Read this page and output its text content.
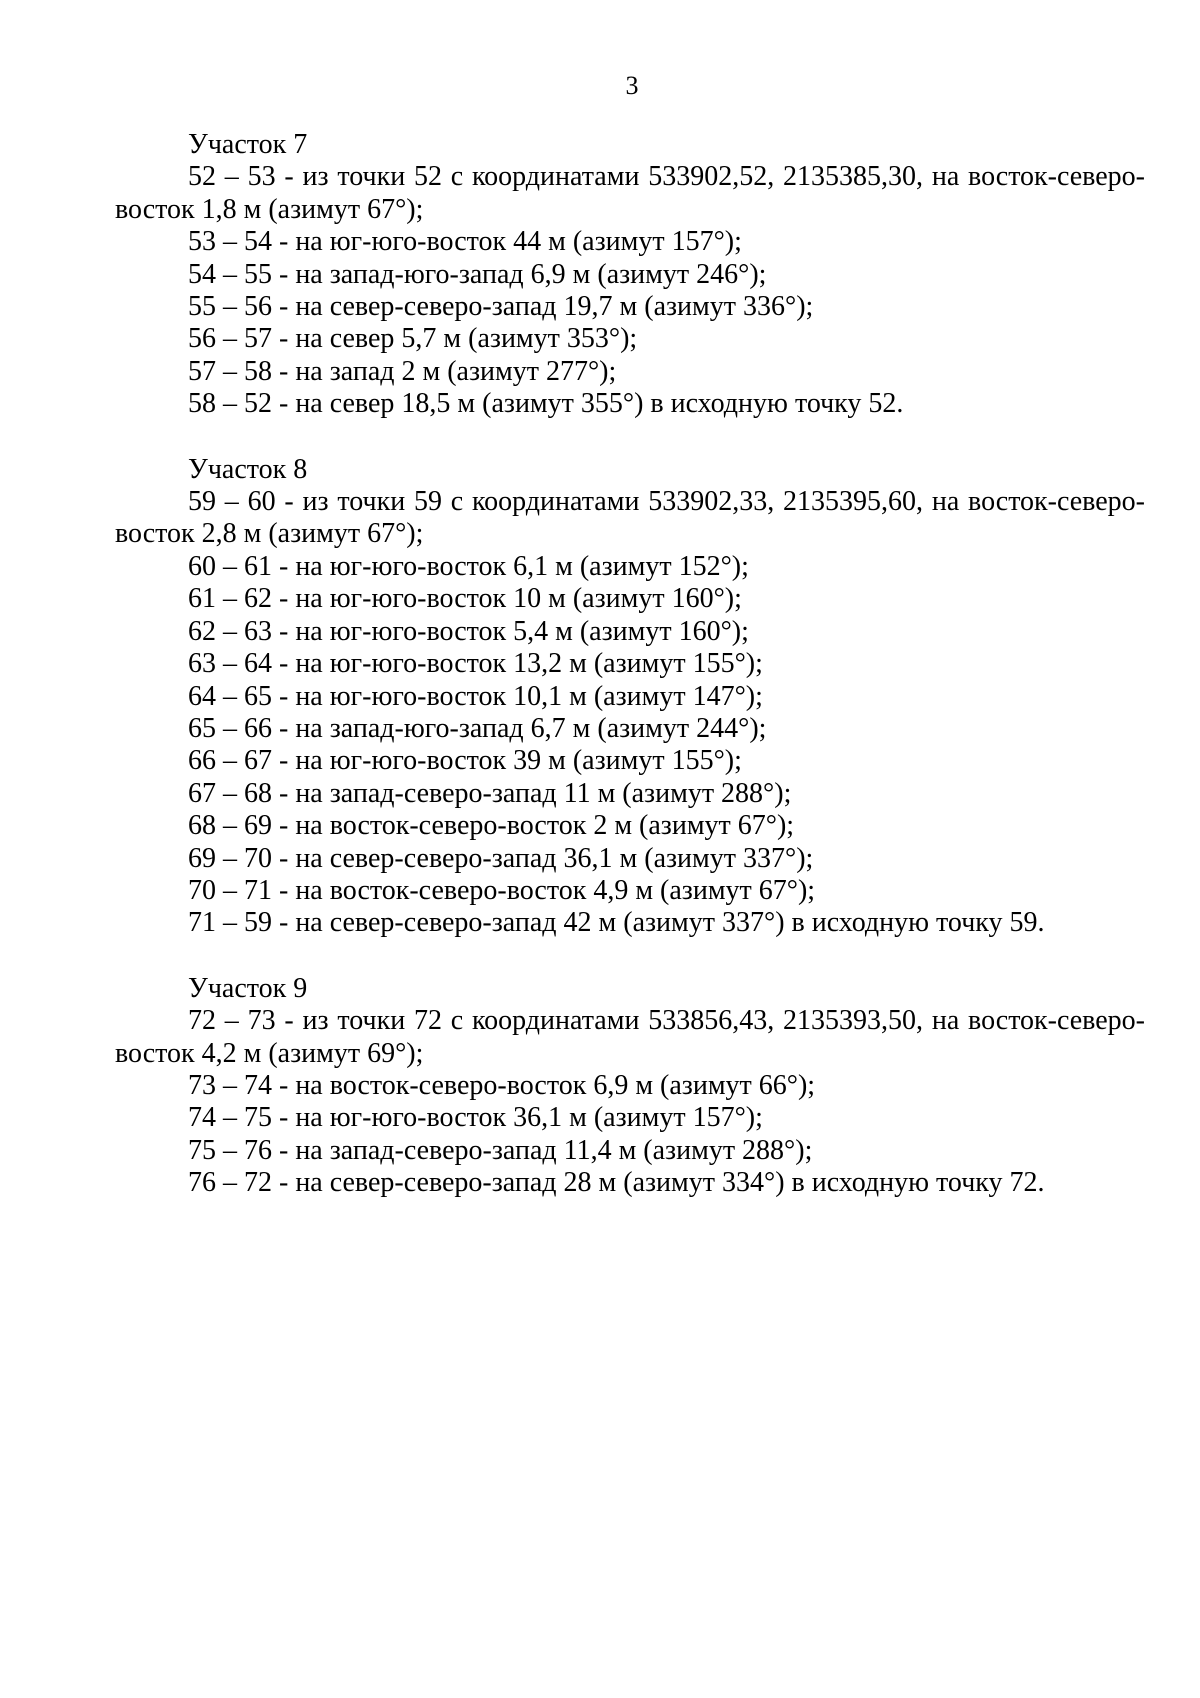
3
Участок 7
52 – 53 - из точки 52 с координатами 533902,52, 2135385,30, на восток-северо-
восток 1,8 м (азимут 67°);
53 – 54 - на юг-юго-восток 44 м (азимут 157°);
54 – 55 - на запад-юго-запад 6,9 м (азимут 246°);
55 – 56 - на север-северо-запад 19,7 м (азимут 336°);
56 – 57 - на север 5,7 м (азимут 353°);
57 – 58 - на запад 2 м (азимут 277°);
58 – 52 - на север 18,5 м (азимут 355°) в исходную точку 52.
Участок 8
59 – 60 - из точки 59 с координатами 533902,33, 2135395,60, на восток-северо-
восток 2,8 м (азимут 67°);
60 – 61 - на юг-юго-восток 6,1 м (азимут 152°);
61 – 62 - на юг-юго-восток 10 м (азимут 160°);
62 – 63 - на юг-юго-восток 5,4 м (азимут 160°);
63 – 64 - на юг-юго-восток 13,2 м (азимут 155°);
64 – 65 - на юг-юго-восток 10,1 м (азимут 147°);
65 – 66 - на запад-юго-запад 6,7 м (азимут 244°);
66 – 67 - на юг-юго-восток 39 м (азимут 155°);
67 – 68 - на запад-северо-запад 11 м (азимут 288°);
68 – 69 - на восток-северо-восток 2 м (азимут 67°);
69 – 70 - на север-северо-запад 36,1 м (азимут 337°);
70 – 71 - на восток-северо-восток 4,9 м (азимут 67°);
71 – 59 - на север-северо-запад 42 м (азимут 337°) в исходную точку 59.
Участок 9
72 – 73 - из точки 72 с координатами 533856,43, 2135393,50, на восток-северо-
восток 4,2 м (азимут 69°);
73 – 74 - на восток-северо-восток 6,9 м (азимут 66°);
74 – 75 - на юг-юго-восток 36,1 м (азимут 157°);
75 – 76 - на запад-северо-запад 11,4 м (азимут 288°);
76 – 72 - на север-северо-запад 28 м (азимут 334°) в исходную точку 72.
